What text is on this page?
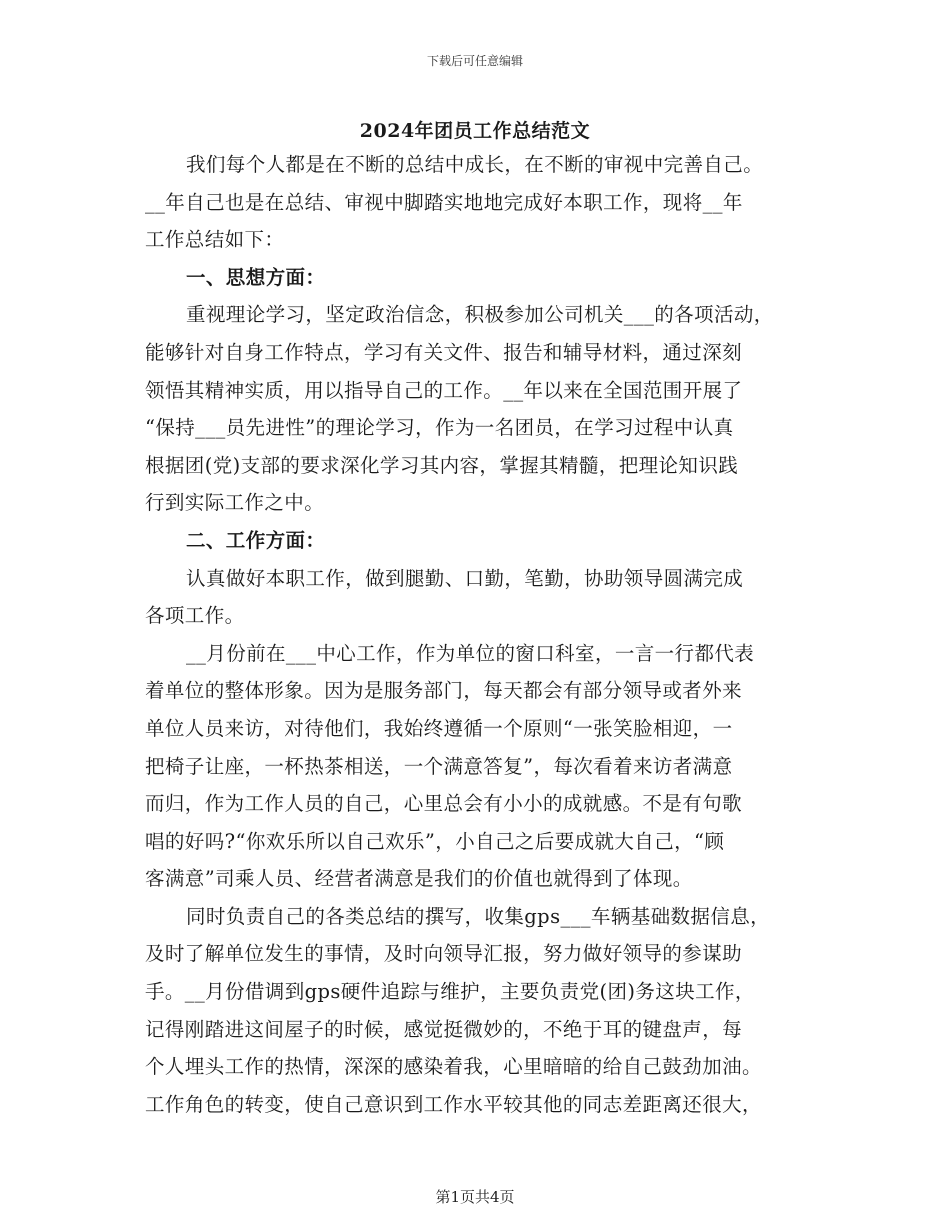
下载后可任意编辑
2024年团员工作总结范文
我们每个人都是在不断的总结中成长，在不断的审视中完善自己。
__年自己也是在总结、审视中脚踏实地地完成好本职工作，现将__年
工作总结如下：
一、思想方面：
重视理论学习，坚定政治信念，积极参加公司机关___的各项活动，
能够针对自身工作特点，学习有关文件、报告和辅导材料，通过深刻
领悟其精神实质，用以指导自己的工作。__年以来在全国范围开展了
“保持___员先进性”的理论学习，作为一名团员，在学习过程中认真
根据团(党)支部的要求深化学习其内容，掌握其精髓，把理论知识践
行到实际工作之中。
二、工作方面：
认真做好本职工作，做到腿勤、口勤，笔勤，协助领导圆满完成
各项工作。
__月份前在___中心工作，作为单位的窗口科室，一言一行都代表
着单位的整体形象。因为是服务部门，每天都会有部分领导或者外来
单位人员来访，对待他们，我始终遵循一个原则“一张笑脸相迎，一
把椅子让座，一杯热茶相送，一个满意答复”，每次看着来访者满意
而归，作为工作人员的自己，心里总会有小小的成就感。不是有句歌
唱的好吗?“你欢乐所以自己欢乐”，小自己之后要成就大自己，“顾
客满意”司乘人员、经营者满意是我们的价值也就得到了体现。
同时负责自己的各类总结的撰写，收集gps___车辆基础数据信息，
及时了解单位发生的事情，及时向领导汇报，努力做好领导的参谋助
手。__月份借调到gps硬件追踪与维护，主要负责党(团)务这块工作，
记得刚踏进这间屋子的时候，感觉挺微妙的，不绝于耳的键盘声，每
个人埋头工作的热情，深深的感染着我，心里暗暗的给自己鼓劲加油。
工作角色的转变，使自己意识到工作水平较其他的同志差距离还很大，
第1页共4页
